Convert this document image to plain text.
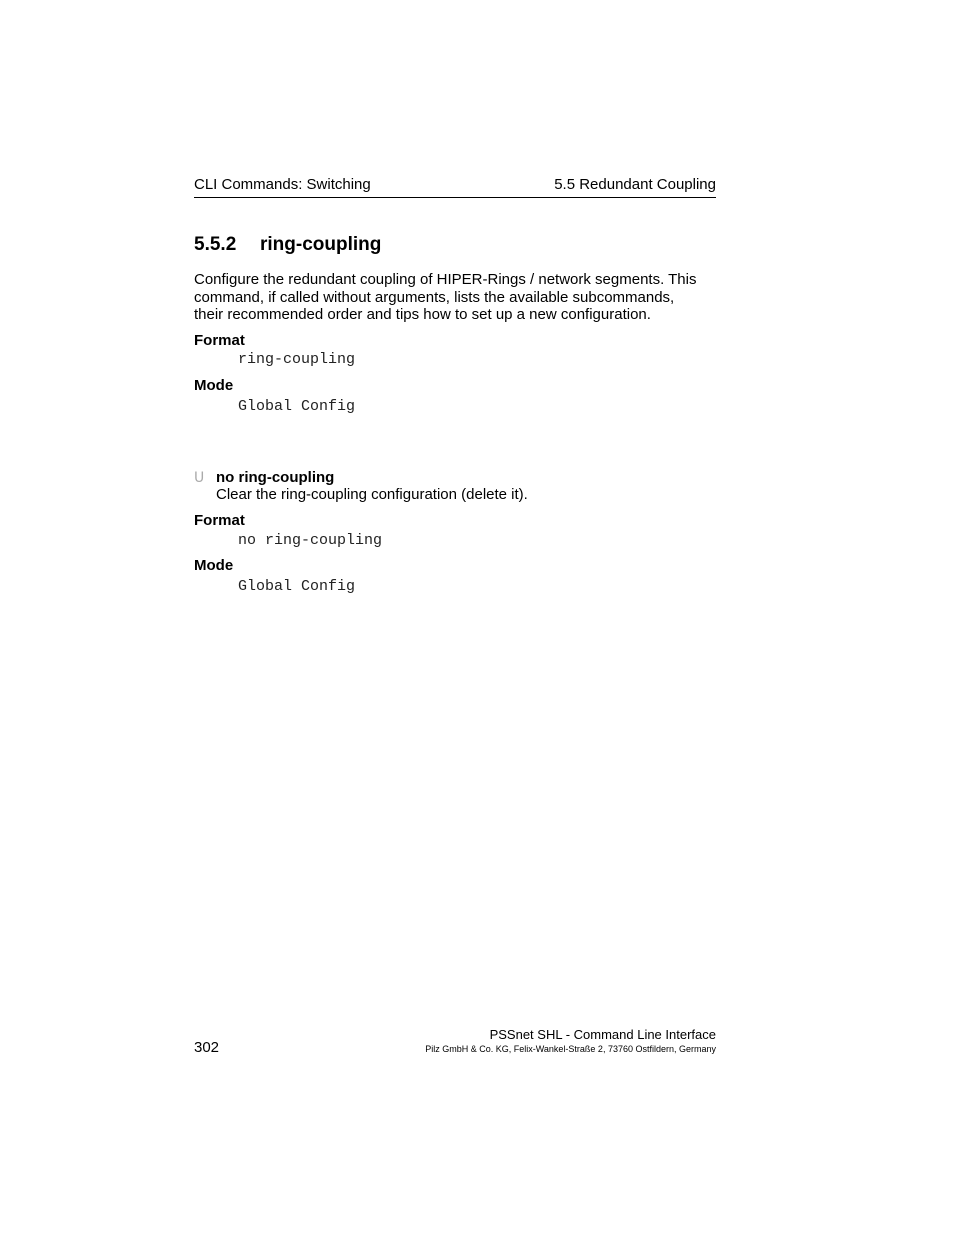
CLI Commands: Switching	5.5 Redundant Coupling
5.5.2 ring-coupling
Configure the redundant coupling of HIPER-Rings / network segments. This
command, if called without arguments, lists the available subcommands,
their recommended order and tips how to set up a new configuration.
Format
ring-coupling
Mode
Global Config
U no ring-coupling
Clear the ring-coupling configuration (delete it).
Format
no ring-coupling
Mode
Global Config
302
PSSnet SHL - Command Line Interface
Pilz GmbH & Co. KG, Felix-Wankel-Straße 2, 73760 Ostfildern, Germany
